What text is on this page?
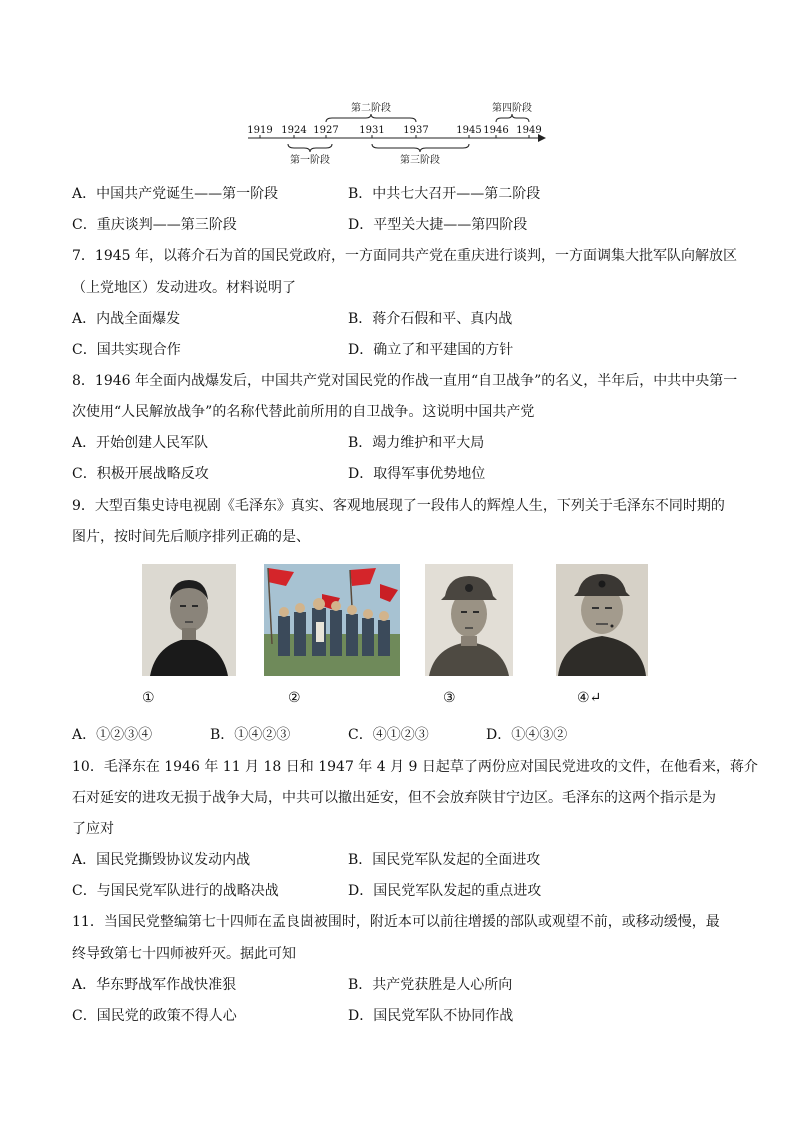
1919 1924 1927 1931 1937	1945 1946 1949
第二阶段	第四阶段
第一阶段	第三阶段
A．中国共产党诞生——第一阶段	B．中共七大召开——第二阶段
C．重庆谈判——第三阶段	D．平型关大捷——第四阶段
7．1945 年，以蒋介石为首的国民党政府，一方面同共产党在重庆进行谈判，一方面调集大批军队向解放区
（上党地区）发动进攻。材料说明了
A．内战全面爆发	B．蒋介石假和平、真内战
C．国共实现合作	D．确立了和平建国的方针
8．1946 年全面内战爆发后，中国共产党对国民党的作战一直用“自卫战争”的名义，半年后，中共中央第一
次使用“人民解放战争”的名称代替此前所用的自卫战争。这说明中国共产党
A．开始创建人民军队	B．竭力维护和平大局
C．积极开展战略反攻	D．取得军事优势地位
9．大型百集史诗电视剧《毛泽东》真实、客观地展现了一段伟人的辉煌人生，下列关于毛泽东不同时期的
图片，按时间先后顺序排列正确的是、
①	②	③	④↵
A．①②③④	B．①④②③	C．④①②③	D．①④③②
10．毛泽东在 1946 年 11 月 18 日和 1947 年 4 月 9 日起草了两份应对国民党进攻的文件，在他看来，蒋介
石对延安的进攻无损于战争大局，中共可以撤出延安，但不会放弃陕甘宁边区。毛泽东的这两个指示是为
了应对
A．国民党撕毁协议发动内战	B．国民党军队发起的全面进攻
C．与国民党军队进行的战略决战	D．国民党军队发起的重点进攻
11．当国民党整编第七十四师在孟良崮被围时，附近本可以前往增援的部队或观望不前，或移动缓慢，最
终导致第七十四师被歼灭。据此可知
A．华东野战军作战快准狠	B．共产党获胜是人心所向
C．国民党的政策不得人心	D．国民党军队不协同作战
